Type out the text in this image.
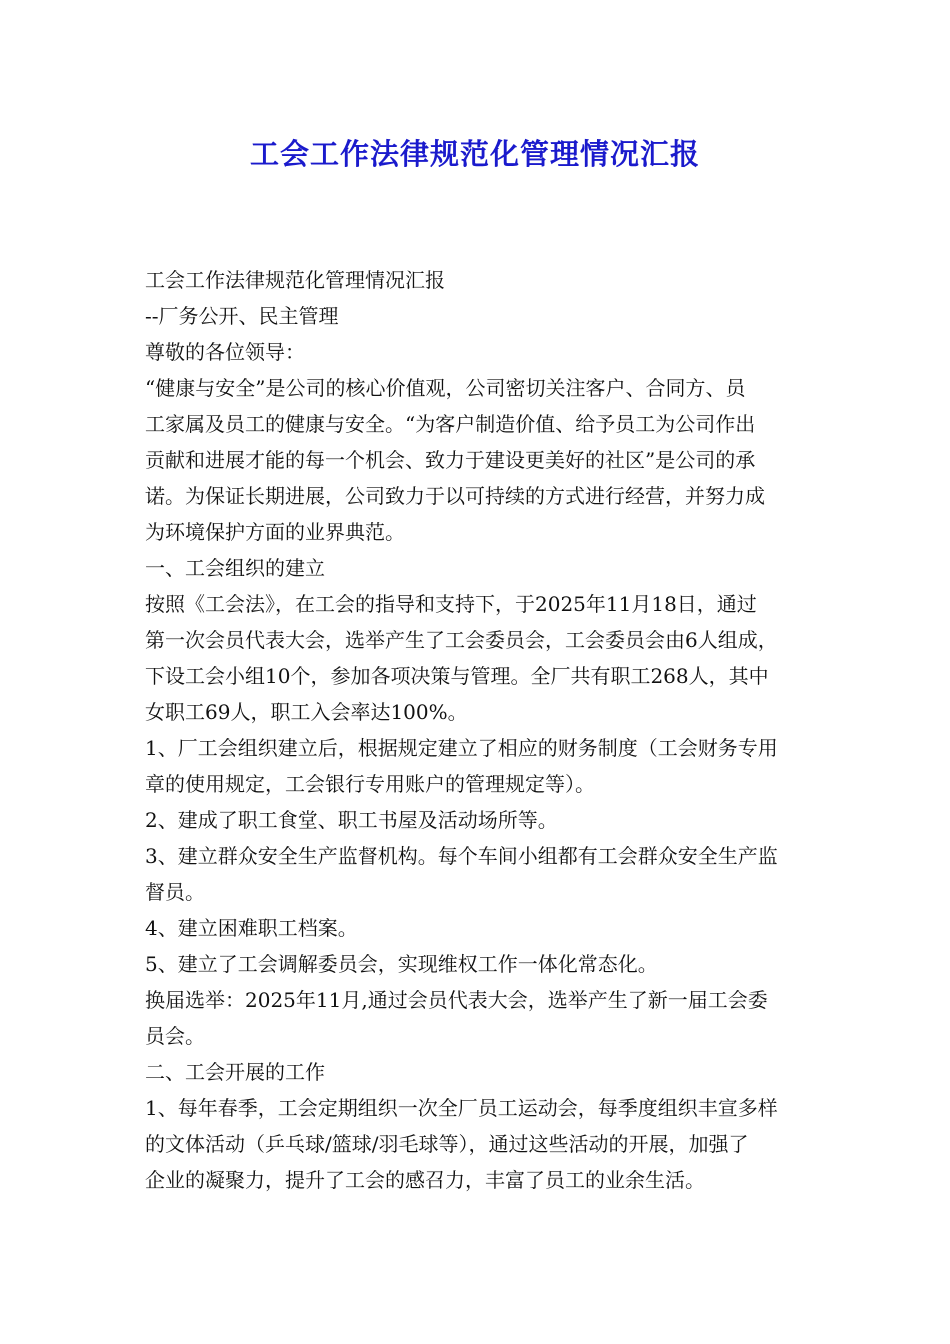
工会工作法律规范化管理情况汇报

工会工作法律规范化管理情况汇报

--厂务公开、民主管理

尊敬的各位领导：

“健康与安全”是公司的核心价值观，公司密切关注客户、合同方、员

工家属及员工的健康与安全。“为客户制造价值、给予员工为公司作出

贡献和进展才能的每一个机会、致力于建设更美好的社区”是公司的承

诺。为保证长期进展，公司致力于以可持续的方式进行经营，并努力成

为环境保护方面的业界典范。

一、工会组织的建立

按照《工会法》，在工会的指导和支持下，于2025年11月18日，通过

第一次会员代表大会，选举产生了工会委员会，工会委员会由6人组成，

下设工会小组10个，参加各项决策与管理。全厂共有职工268人，其中

女职工69人，职工入会率达100%。

1、厂工会组织建立后，根据规定建立了相应的财务制度（工会财务专用

章的使用规定，工会银行专用账户的管理规定等）。

2、建成了职工食堂、职工书屋及活动场所等。

3、建立群众安全生产监督机构。每个车间小组都有工会群众安全生产监

督员。

4、建立困难职工档案。

5、建立了工会调解委员会，实现维权工作一体化常态化。

换届选举：2025年11月,通过会员代表大会，选举产生了新一届工会委

员会。

二、工会开展的工作

1、每年春季，工会定期组织一次全厂员工运动会，每季度组织丰宣多样

的文体活动（乒乓球/篮球/羽毛球等），通过这些活动的开展，加强了

企业的凝聚力，提升了工会的感召力，丰富了员工的业余生活。
